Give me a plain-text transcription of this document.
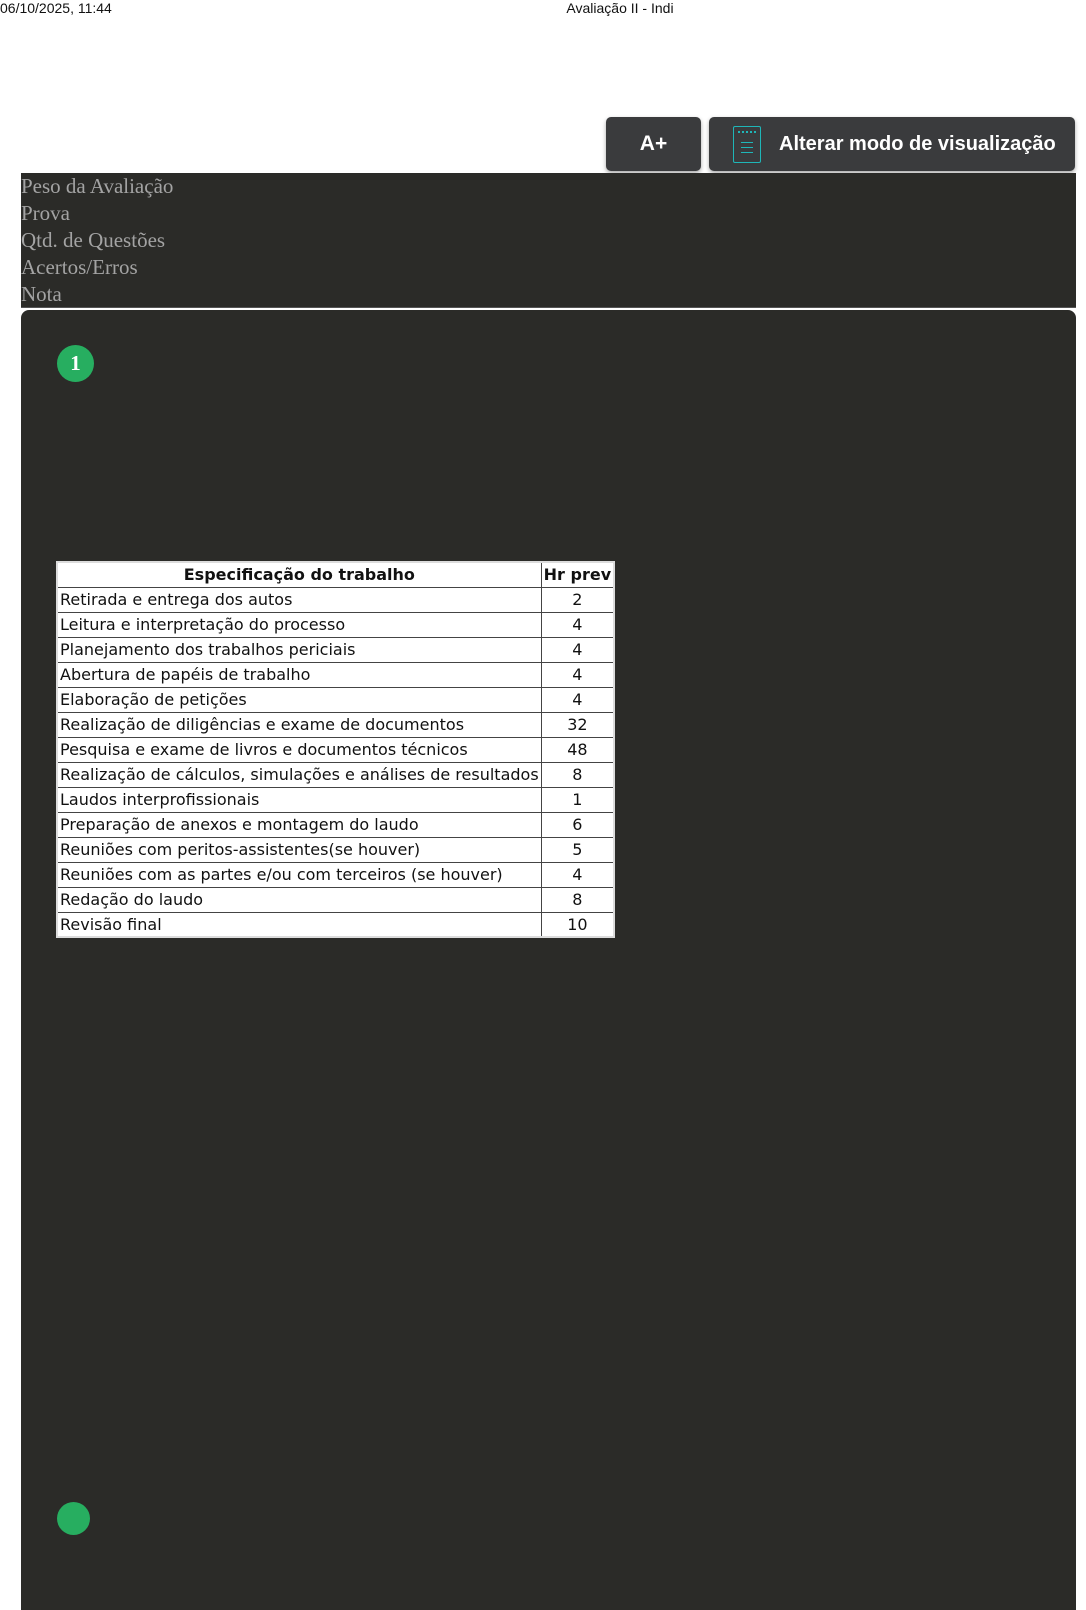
06/10/2025, 11:44	Avaliação II - Indi
A+	Alterar modo de visualização
Peso da Avaliação
Prova
Qtd. de Questões
Acertos/Erros
Nota
1
Especificação do trabalho	Hr prev
Retirada e entrega dos autos	2
Leitura e interpretação do processo	4
Planejamento dos trabalhos periciais	4
Abertura de papéis de trabalho	4
Elaboração de petições	4
Realização de diligências e exame de documentos	32
Pesquisa e exame de livros e documentos técnicos	48
Realização de cálculos, simulações e análises de resultados	8
Laudos interprofissionais	1
Preparação de anexos e montagem do laudo	6
Reuniões com peritos-assistentes(se houver)	5
Reuniões com as partes e/ou com terceiros (se houver)	4
Redação do laudo	8
Revisão final	10
